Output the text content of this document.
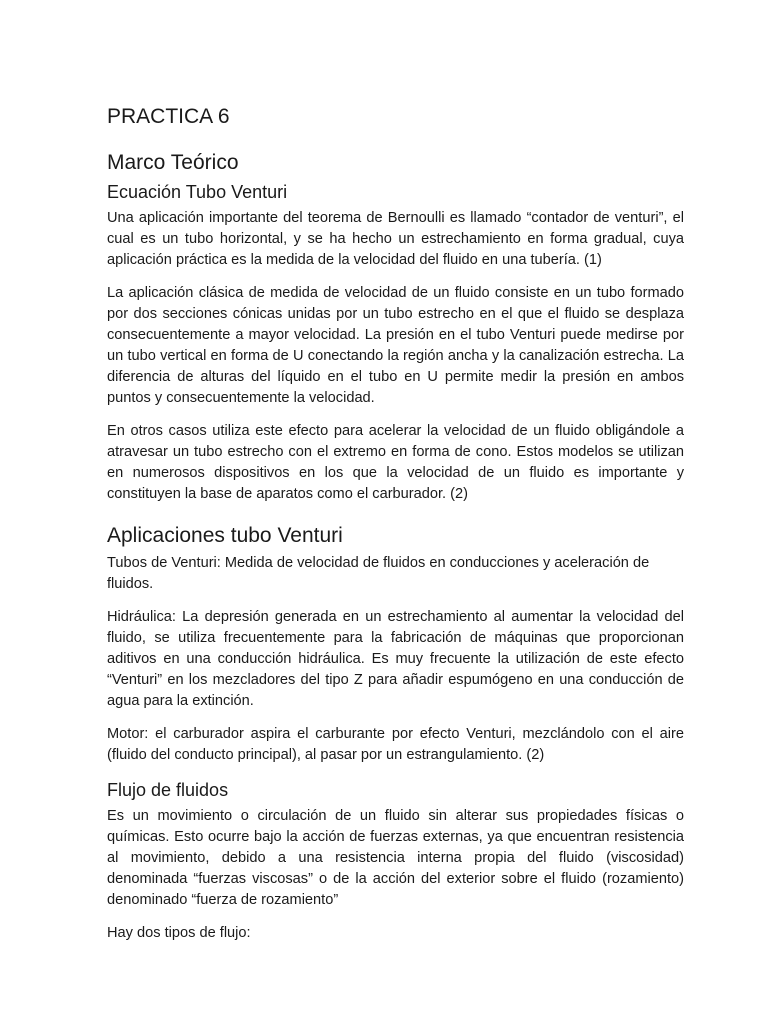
PRACTICA 6
Marco Teórico
Ecuación Tubo Venturi

Una aplicación importante del teorema de Bernoulli es llamado “contador de venturi”, el cual es un tubo horizontal, y se ha hecho un estrechamiento en forma gradual, cuya aplicación práctica es la medida de la velocidad del fluido en una tubería. (1)

La aplicación clásica de medida de velocidad de un fluido consiste en un tubo formado por dos secciones cónicas unidas por un tubo estrecho en el que el fluido se desplaza consecuentemente a mayor velocidad. La presión en el tubo Venturi puede medirse por un tubo vertical en forma de U conectando la región ancha y la canalización estrecha. La diferencia de alturas del líquido en el tubo en U permite medir la presión en ambos puntos y consecuentemente la velocidad.

En otros casos utiliza este efecto para acelerar la velocidad de un fluido obligándole a atravesar un tubo estrecho con el extremo en forma de cono. Estos modelos se utilizan en numerosos dispositivos en los que la velocidad de un fluido es importante y constituyen la base de aparatos como el carburador. (2)

Aplicaciones tubo Venturi

Tubos de Venturi: Medida de velocidad de fluidos en conducciones y aceleración de fluidos.

Hidráulica: La depresión generada en un estrechamiento al aumentar la velocidad del fluido, se utiliza frecuentemente para la fabricación de máquinas que proporcionan aditivos en una conducción hidráulica. Es muy frecuente la utilización de este efecto “Venturi” en los mezcladores del tipo Z para añadir espumógeno en una conducción de agua para la extinción.

Motor: el carburador aspira el carburante por efecto Venturi, mezclándolo con el aire (fluido del conducto principal), al pasar por un estrangulamiento. (2)

Flujo de fluidos

Es un movimiento o circulación de un fluido sin alterar sus propiedades físicas o químicas. Esto ocurre bajo la acción de fuerzas externas, ya que encuentran resistencia al movimiento, debido a una resistencia interna propia del fluido (viscosidad) denominada “fuerzas viscosas” o de la acción del exterior sobre el fluido (rozamiento) denominado “fuerza de rozamiento”

Hay dos tipos de flujo:
